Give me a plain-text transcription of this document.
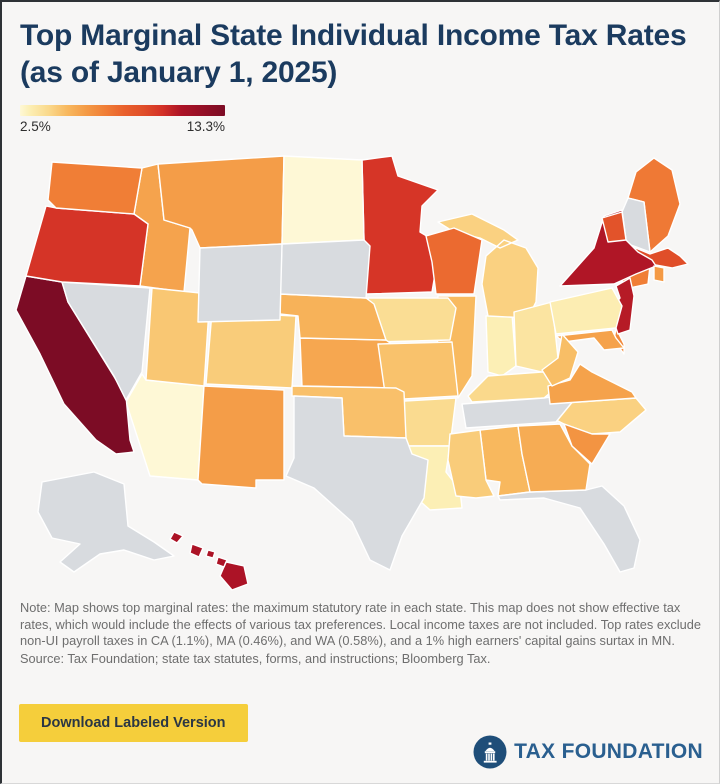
Top Marginal State Individual Income Tax Rates (as of January 1, 2025)
2.5%	13.3%
Note: Map shows top marginal rates: the maximum statutory rate in each state. This map does not show effective tax rates, which would include the effects of various tax preferences. Local income taxes are not included. Top rates exclude non-UI payroll taxes in CA (1.1%), MA (0.46%), and WA (0.58%), and a 1% high earners' capital gains surtax in MN.
Source: Tax Foundation; state tax statutes, forms, and instructions; Bloomberg Tax.
Download Labeled Version
TAX FOUNDATION
